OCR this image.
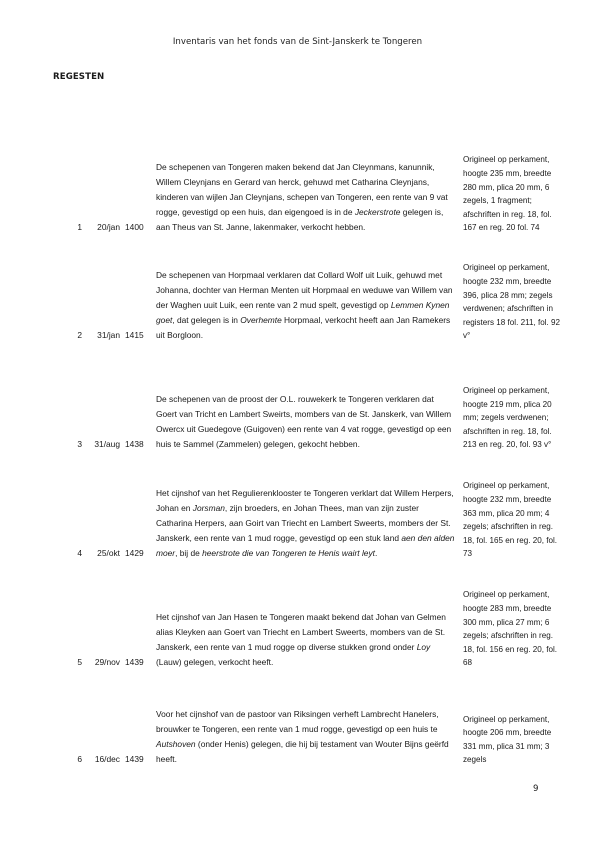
Inventaris van het fonds van de Sint-Janskerk te Tongeren
REGESTEN
1	20/jan 1400
De schepenen van Tongeren maken bekend dat Jan Cleynmans, kanunnik, Willem Cleynjans en Gerard van herck, gehuwd met Catharina Cleynjans, kinderen van wijlen Jan Cleynjans, schepen van Tongeren, een rente van 9 vat rogge, gevestigd op een huis, dan eigengoed is in de Jeckerstrote gelegen is, aan Theus van St. Janne, lakenmaker, verkocht hebben.
Origineel op perkament, hoogte 235 mm, breedte 280 mm, plica 20 mm, 6 zegels, 1 fragment; afschriften in reg. 18, fol. 167 en reg. 20 fol. 74
2	31/jan 1415
De schepenen van Horpmaal verklaren dat Collard Wolf uit Luik, gehuwd met Johanna, dochter van Herman Menten uit Horpmaal en weduwe van Willem van der Waghen uuit Luik, een rente van 2 mud spelt, gevestigd op Lemmen Kynen goet, dat gelegen is in Overhemte Horpmaal, verkocht heeft aan Jan Ramekers uit Borgloon.
Origineel op perkament, hoogte 232 mm, breedte 396, plica 28 mm; zegels verdwenen; afschriften in registers 18 fol. 211, fol. 92 v°
3	31/aug 1438
De schepenen van de proost der O.L. rouwekerk te Tongeren verklaren dat Goert van Tricht en Lambert Sweirts, mombers van de St. Janskerk, van Willem Owercx uit Guedegove (Guigoven) een rente van 4 vat rogge, gevestigd op een huis te Sammel (Zammelen) gelegen, gekocht hebben.
Origineel op perkament, hoogte 219 mm, plica 20 mm; zegels verdwenen; afschriften in reg. 18, fol. 213 en reg. 20, fol. 93 v°
4	25/okt 1429
Het cijnshof van het Regulierenklooster te Tongeren verklart dat Willem Herpers, Johan en Jorsman, zijn broeders, en Johan Thees, man van zijn zuster Catharina Herpers, aan Goirt van Triecht en Lambert Sweerts, mombers der St. Janskerk, een rente van 1 mud rogge, gevestigd op een stuk land aen den alden moer, bij de heerstrote die van Tongeren te Henis wairt leyt.
Origineel op perkament, hoogte 232 mm, breedte 363 mm, plica 20 mm; 4 zegels; afschriften in reg. 18, fol. 165 en reg. 20, fol. 73
5	29/nov 1439
Het cijnshof van Jan Hasen te Tongeren maakt bekend dat Johan van Gelmen alias Kleyken aan Goert van Triecht en Lambert Sweerts, mombers van de St. Janskerk, een rente van 1 mud rogge op diverse stukken grond onder Loy (Lauw) gelegen, verkocht heeft.
Origineel op perkament, hoogte 283 mm, breedte 300 mm, plica 27 mm; 6 zegels; afschriften in reg. 18, fol. 156 en reg. 20, fol. 68
6	16/dec 1439
Voor het cijnshof van de pastoor van Riksingen verheft Lambrecht Hanelers, brouwker te Tongeren, een rente van 1 mud rogge, gevestigd op een huis te Autshoven (onder Henis) gelegen, die hij bij testament van Wouter Bijns geërfd heeft.
Origineel op perkament, hoogte 206 mm, breedte 331 mm, plica 31 mm; 3 zegels
9
